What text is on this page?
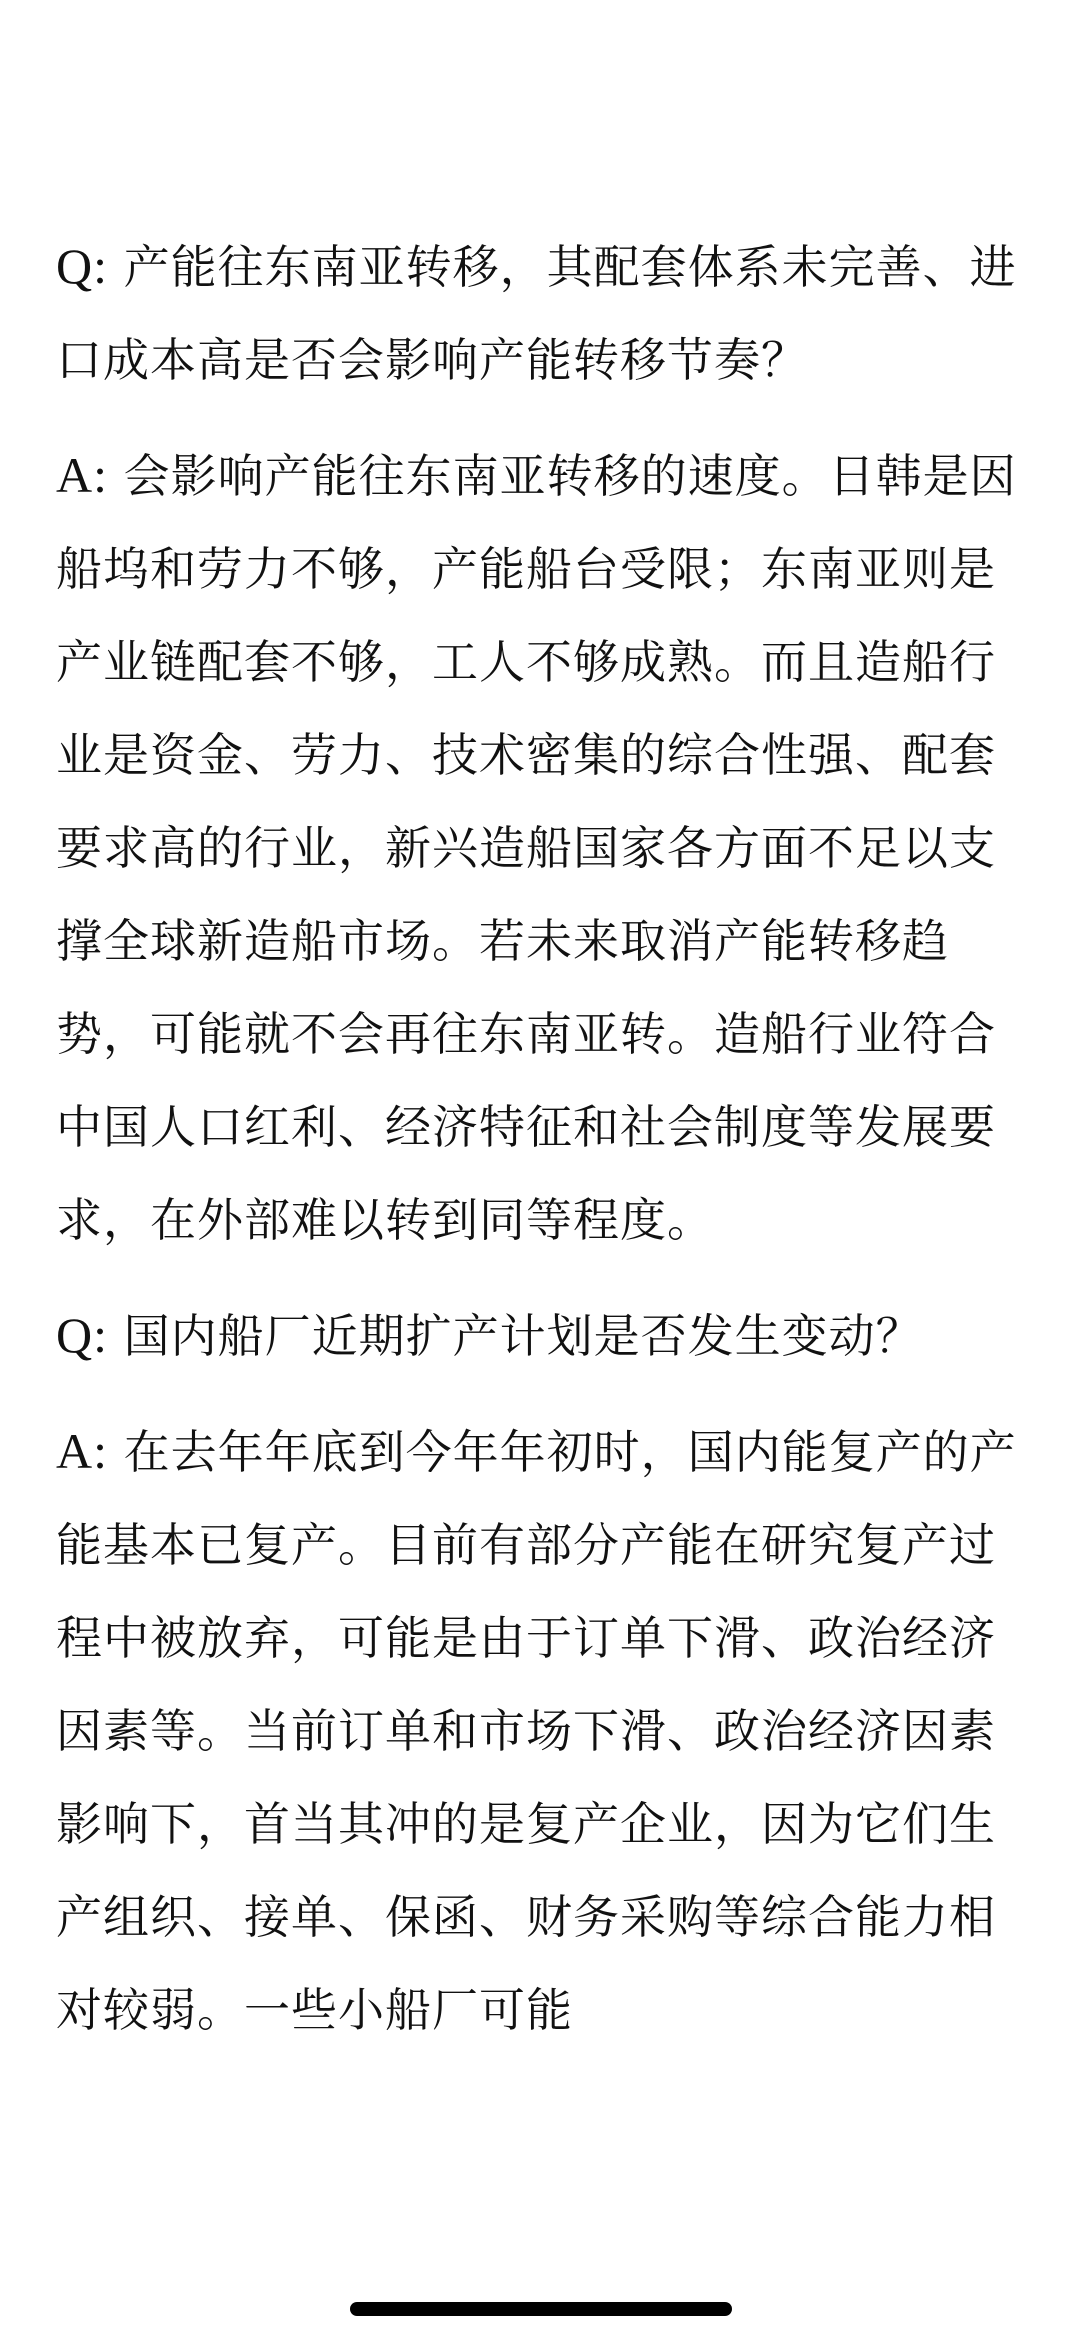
Q: 产能往东南亚转移，其配套体系未完善、进口成本高是否会影响产能转移节奏？

A: 会影响产能往东南亚转移的速度。日韩是因船坞和劳力不够，产能船台受限；东南亚则是产业链配套不够，工人不够成熟。而且造船行业是资金、劳力、技术密集的综合性强、配套要求高的行业，新兴造船国家各方面不足以支撑全球新造船市场。若未来取消产能转移趋势，可能就不会再往东南亚转。造船行业符合中国人口红利、经济特征和社会制度等发展要求，在外部难以转到同等程度。

Q: 国内船厂近期扩产计划是否发生变动？

A: 在去年年底到今年年初时，国内能复产的产能基本已复产。目前有部分产能在研究复产过程中被放弃，可能是由于订单下滑、政治经济因素等。当前订单和市场下滑、政治经济因素影响下，首当其冲的是复产企业，因为它们生产组织、接单、保函、财务采购等综合能力相对较弱。一些小船厂可能
